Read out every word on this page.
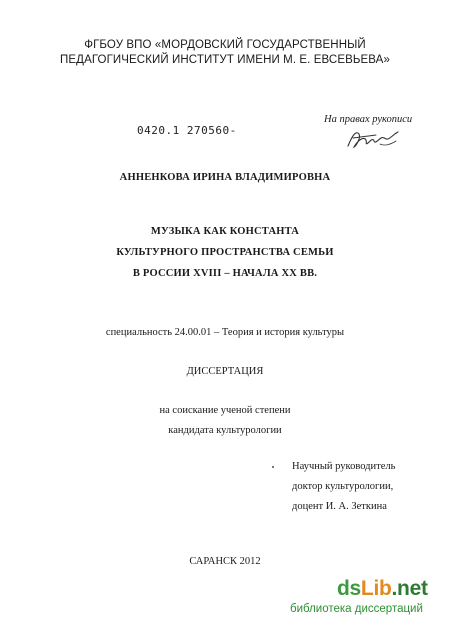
ФГБОУ ВПО «МОРДОВСКИЙ ГОСУДАРСТВЕННЫЙ
ПЕДАГОГИЧЕСКИЙ ИНСТИТУТ ИМЕНИ М. Е. ЕВСЕВЬЕВА»
0420.1 270560-
На правах рукописи
АННЕНКОВА ИРИНА ВЛАДИМИРОВНА
МУЗЫКА КАК КОНСТАНТА
КУЛЬТУРНОГО ПРОСТРАНСТВА СЕМЬИ
В РОССИИ XVIII – НАЧАЛА XX ВВ.
специальность 24.00.01 – Теория и история культуры
ДИССЕРТАЦИЯ
на соискание ученой степени
кандидата культурологии
Научный руководитель
доктор культурологии,
доцент И. А. Зеткина
САРАНСК 2012
dsLib.net
библиотека диссертаций
